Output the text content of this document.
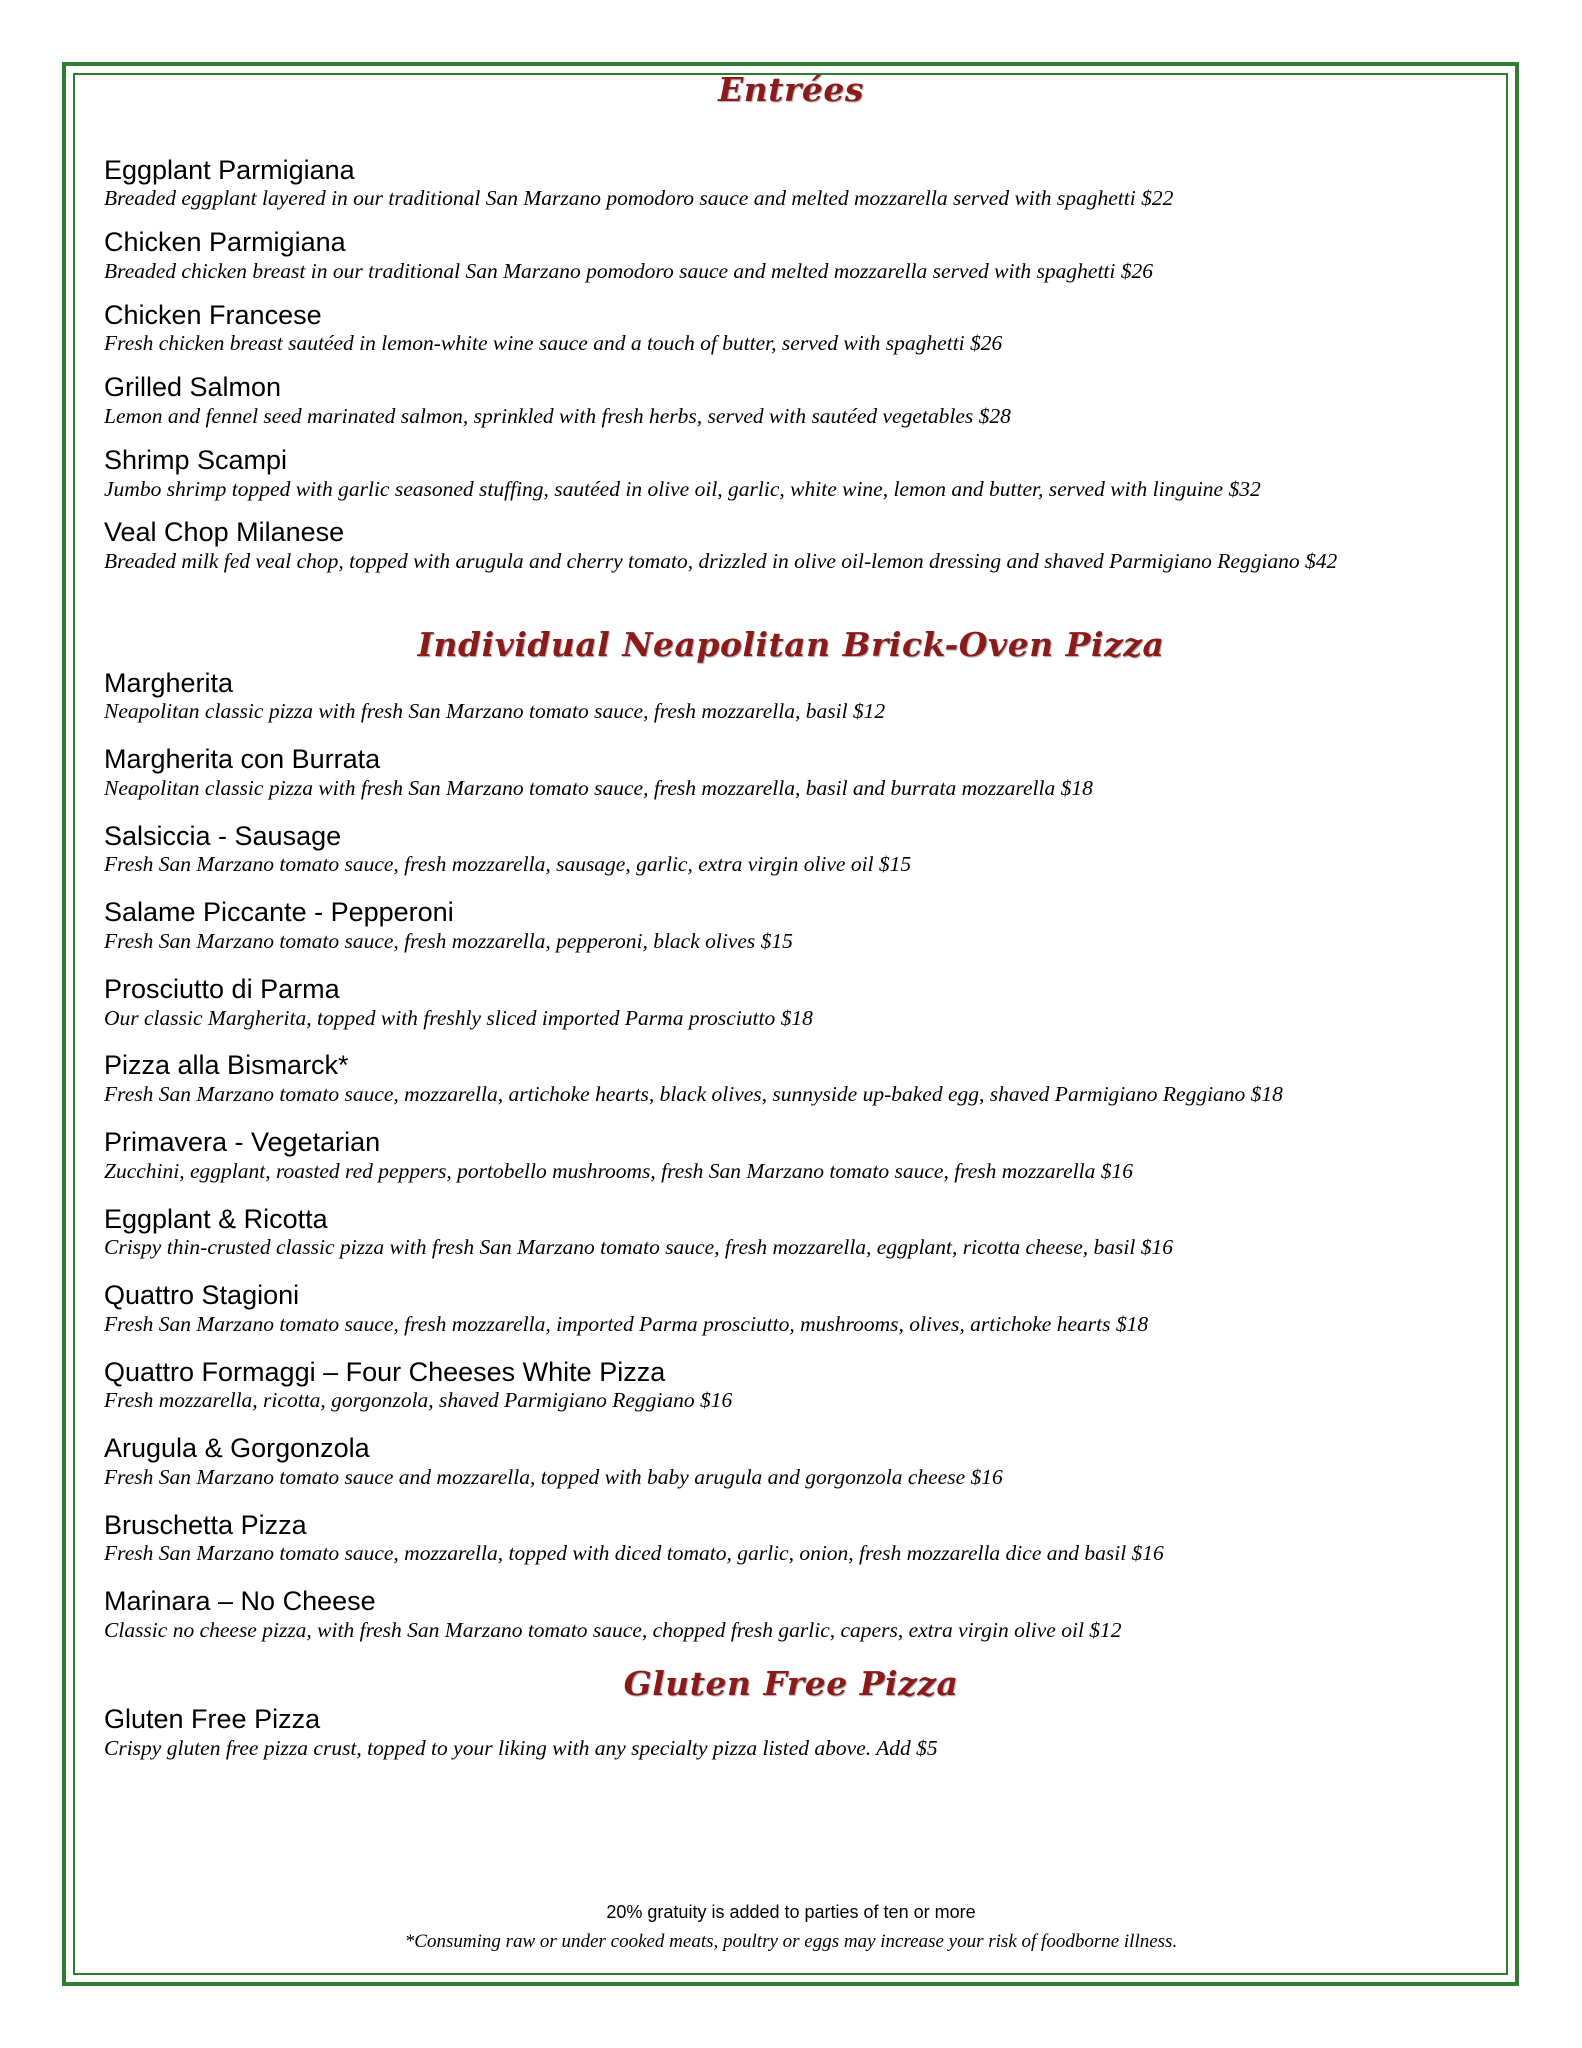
Entrées
Eggplant Parmigiana
Breaded eggplant layered in our traditional San Marzano pomodoro sauce and melted mozzarella served with spaghetti $22
Chicken Parmigiana
Breaded chicken breast in our traditional San Marzano pomodoro sauce and melted mozzarella served with spaghetti $26
Chicken Francese
Fresh chicken breast sautéed in lemon-white wine sauce and a touch of butter, served with spaghetti $26
Grilled Salmon
Lemon and fennel seed marinated salmon, sprinkled with fresh herbs, served with sautéed vegetables $28
Shrimp Scampi
Jumbo shrimp topped with garlic seasoned stuffing, sautéed in olive oil, garlic, white wine, lemon and butter, served with linguine $32
Veal Chop Milanese
Breaded milk fed veal chop, topped with arugula and cherry tomato, drizzled in olive oil-lemon dressing and shaved Parmigiano Reggiano $42
Individual Neapolitan Brick-Oven Pizza
Margherita
Neapolitan classic pizza with fresh San Marzano tomato sauce, fresh mozzarella, basil $12
Margherita con Burrata
Neapolitan classic pizza with fresh San Marzano tomato sauce, fresh mozzarella, basil and burrata mozzarella $18
Salsiccia - Sausage
Fresh San Marzano tomato sauce, fresh mozzarella, sausage, garlic, extra virgin olive oil $15
Salame Piccante - Pepperoni
Fresh San Marzano tomato sauce, fresh mozzarella, pepperoni, black olives $15
Prosciutto di Parma
Our classic Margherita, topped with freshly sliced imported Parma prosciutto $18
Pizza alla Bismarck*
Fresh San Marzano tomato sauce, mozzarella, artichoke hearts, black olives, sunnyside up-baked egg, shaved Parmigiano Reggiano $18
Primavera - Vegetarian
Zucchini, eggplant, roasted red peppers, portobello mushrooms, fresh San Marzano tomato sauce, fresh mozzarella $16
Eggplant & Ricotta
Crispy thin-crusted classic pizza with fresh San Marzano tomato sauce, fresh mozzarella, eggplant, ricotta cheese, basil $16
Quattro Stagioni
Fresh San Marzano tomato sauce, fresh mozzarella, imported Parma prosciutto, mushrooms, olives, artichoke hearts $18
Quattro Formaggi – Four Cheeses White Pizza
Fresh mozzarella, ricotta, gorgonzola, shaved Parmigiano Reggiano $16
Arugula & Gorgonzola
Fresh San Marzano tomato sauce and mozzarella, topped with baby arugula and gorgonzola cheese $16
Bruschetta Pizza
Fresh San Marzano tomato sauce, mozzarella, topped with diced tomato, garlic, onion, fresh mozzarella dice and basil $16
Marinara – No Cheese
Classic no cheese pizza, with fresh San Marzano tomato sauce, chopped fresh garlic, capers, extra virgin olive oil $12
Gluten Free Pizza
Gluten Free Pizza
Crispy gluten free pizza crust, topped to your liking with any specialty pizza listed above. Add $5
20% gratuity is added to parties of ten or more
*Consuming raw or under cooked meats, poultry or eggs may increase your risk of foodborne illness.
